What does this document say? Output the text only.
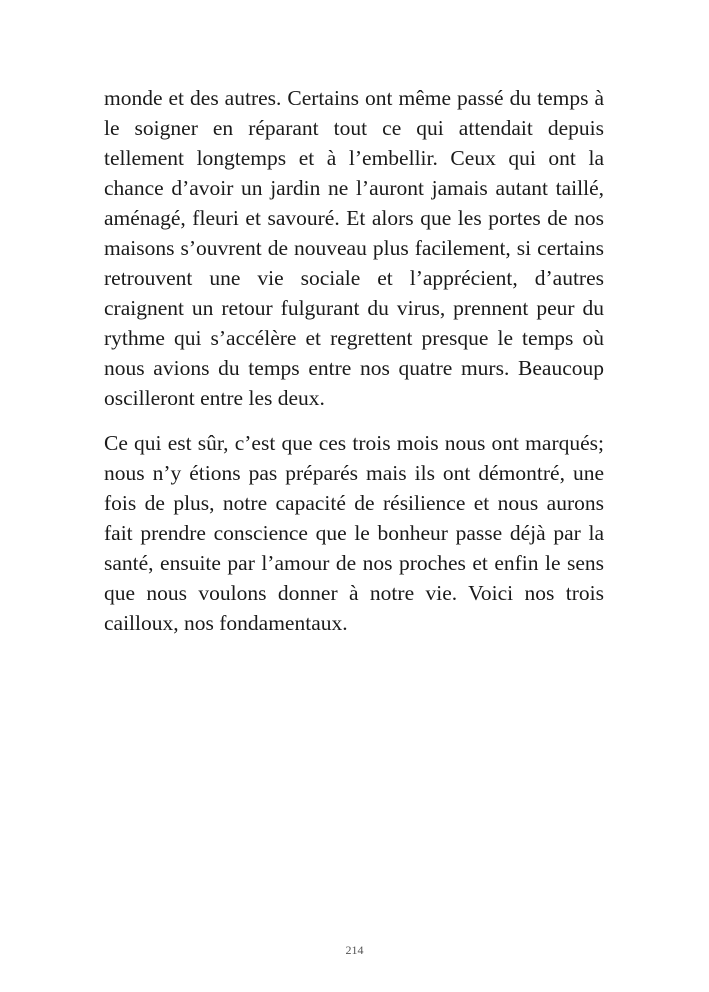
monde et des autres. Certains ont même passé du temps à le soigner en réparant tout ce qui attendait depuis tellement longtemps et à l’embellir. Ceux qui ont la chance d’avoir un jardin ne l’auront jamais autant taillé, aménagé, fleuri et savouré. Et alors que les portes de nos maisons s’ouvrent de nouveau plus facilement, si certains retrouvent une vie sociale et l’apprécient, d’autres craignent un retour fulgurant du virus, prennent peur du rythme qui s’accélère et regrettent presque le temps où nous avions du temps entre nos quatre murs. Beaucoup oscilleront entre les deux.

Ce qui est sûr, c’est que ces trois mois nous ont marqués; nous n’y étions pas préparés mais ils ont démontré, une fois de plus, notre capacité de résilience et nous aurons fait prendre conscience que le bonheur passe déjà par la santé, ensuite par l’amour de nos proches et enfin le sens que nous voulons donner à notre vie. Voici nos trois cailloux, nos fondamentaux.

214
